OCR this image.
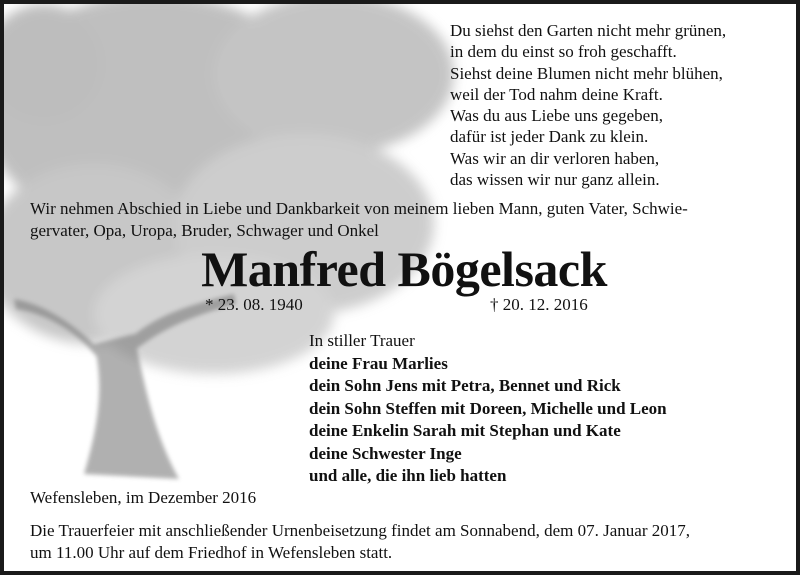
Du siehst den Garten nicht mehr grünen,
in dem du einst so froh geschafft.
Siehst deine Blumen nicht mehr blühen,
weil der Tod nahm deine Kraft.
Was du aus Liebe uns gegeben,
dafür ist jeder Dank zu klein.
Was wir an dir verloren haben,
das wissen wir nur ganz allein.
Wir nehmen Abschied in Liebe und Dankbarkeit von meinem lieben Mann, guten Vater, Schwie-
gervater, Opa, Uropa, Bruder, Schwager und Onkel
Manfred Bögelsack
* 23. 08. 1940	† 20. 12. 2016
In stiller Trauer
deine Frau Marlies
dein Sohn Jens mit Petra, Bennet und Rick
dein Sohn Steffen mit Doreen, Michelle und Leon
deine Enkelin Sarah mit Stephan und Kate
deine Schwester Inge
und alle, die ihn lieb hatten
Wefensleben, im Dezember 2016
Die Trauerfeier mit anschließender Urnenbeisetzung findet am Sonnabend, dem 07. Januar 2017,
um 11.00 Uhr auf dem Friedhof in Wefensleben statt.
